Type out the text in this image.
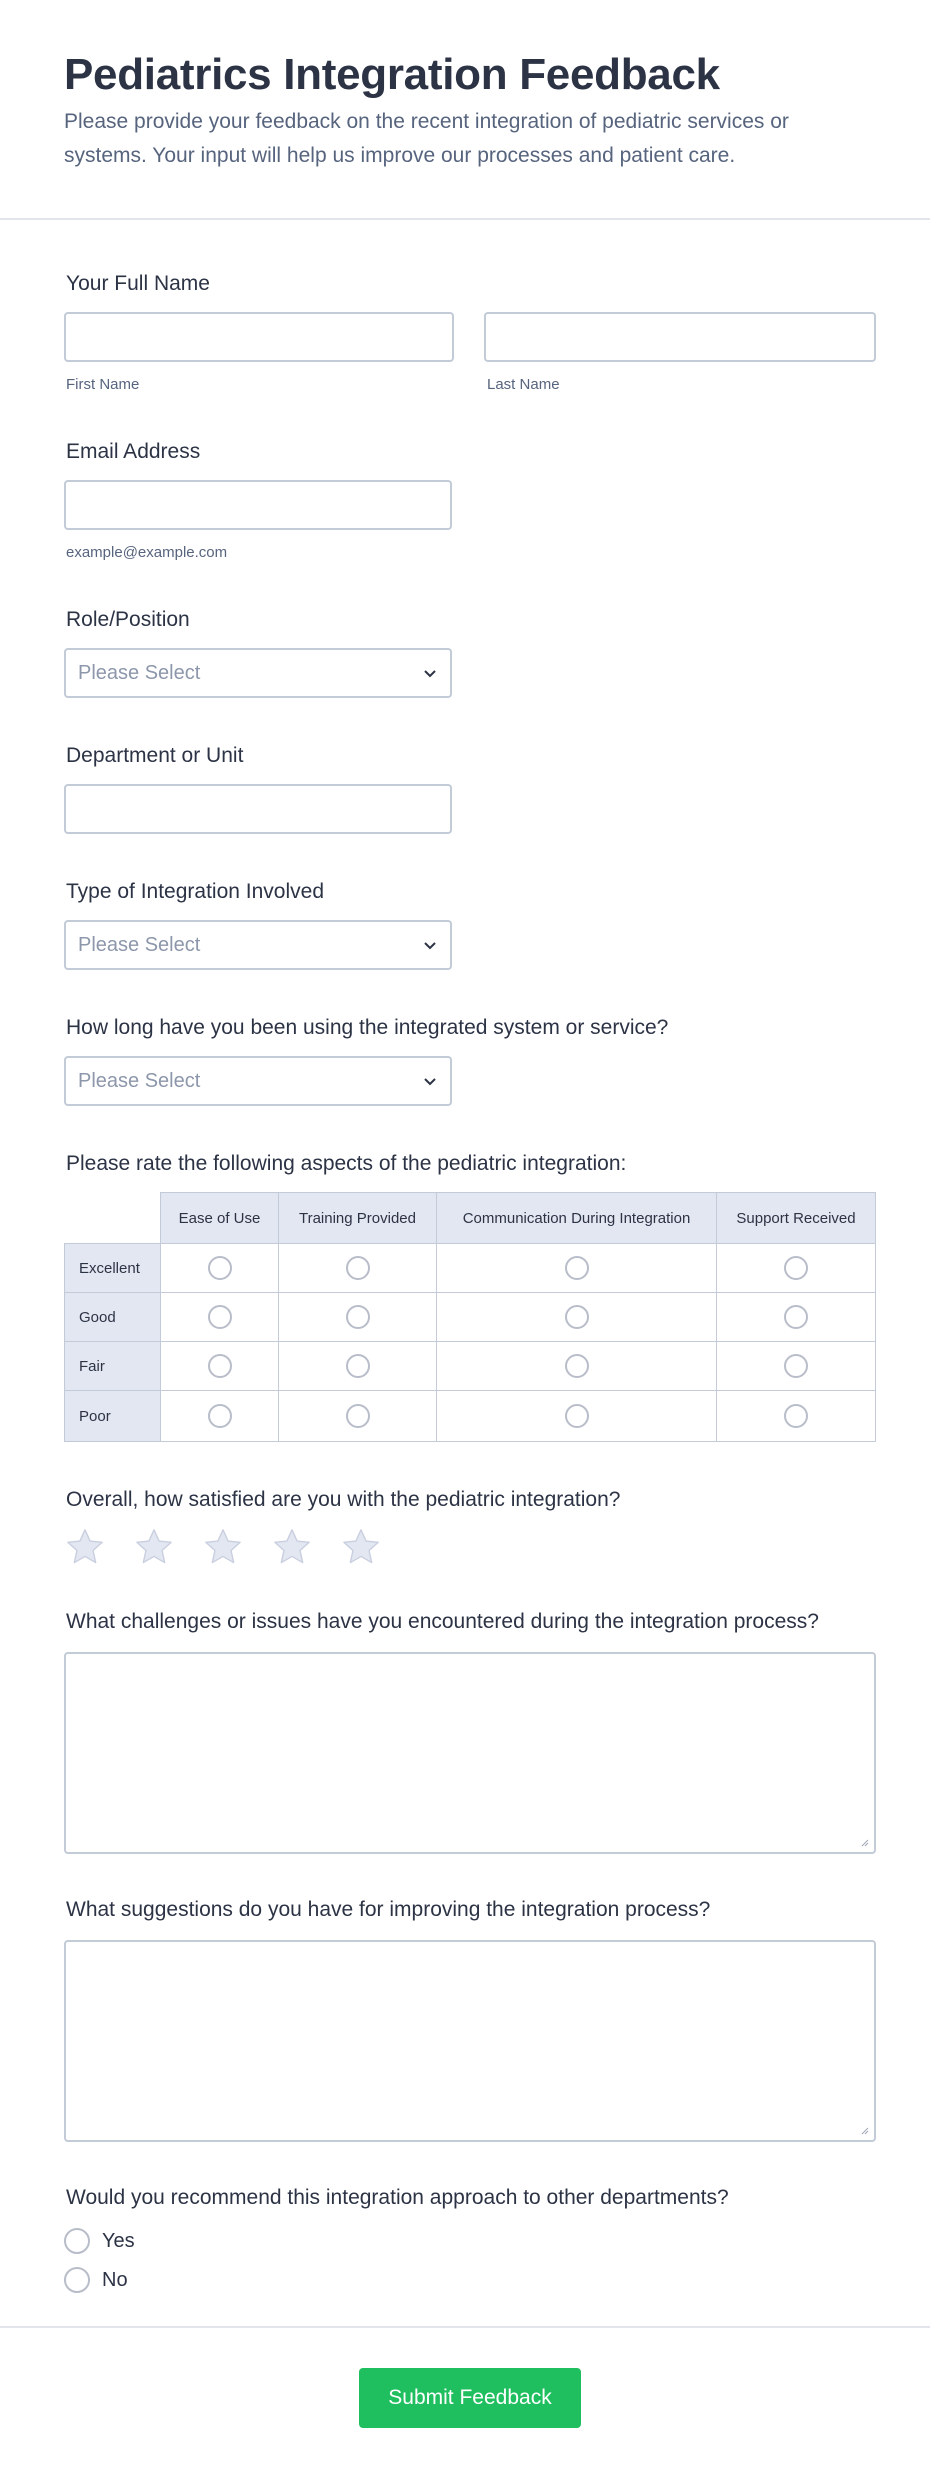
Pediatrics Integration Feedback
Please provide your feedback on the recent integration of pediatric services or systems. Your input will help us improve our processes and patient care.
Your Full Name
First Name	Last Name
Email Address
example@example.com
Role/Position
Please Select
Department or Unit
Type of Integration Involved
Please Select
How long have you been using the integrated system or service?
Please Select
Please rate the following aspects of the pediatric integration:
Ease of Use	Training Provided	Communication During Integration	Support Received
Excellent
Good
Fair
Poor
Overall, how satisfied are you with the pediatric integration?
What challenges or issues have you encountered during the integration process?
What suggestions do you have for improving the integration process?
Would you recommend this integration approach to other departments?
Yes
No
Submit Feedback
